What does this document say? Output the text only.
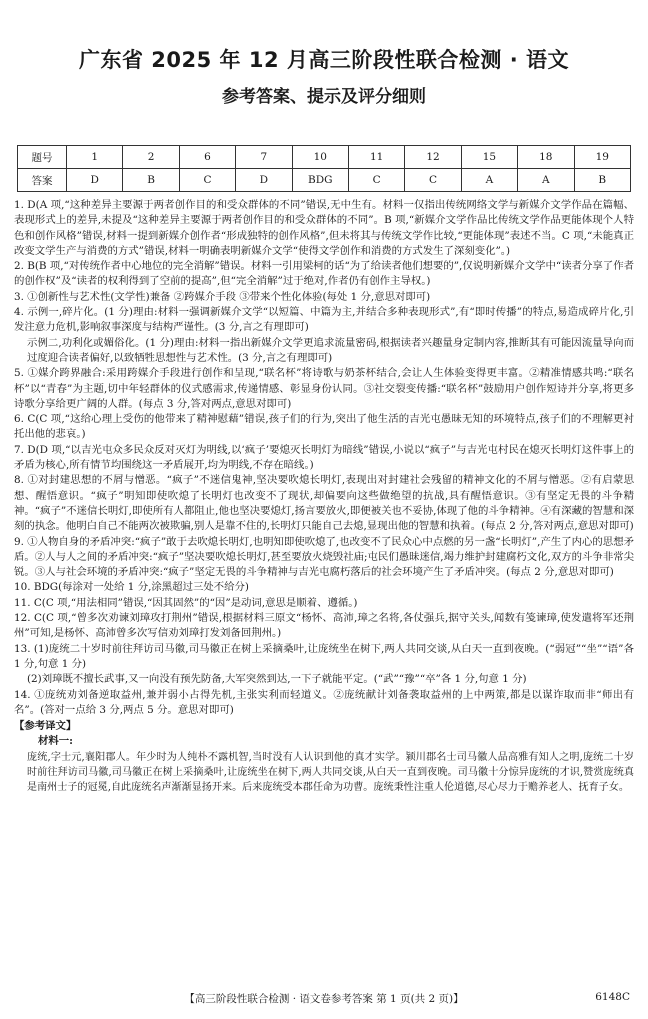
广东省 2025 年 12 月高三阶段性联合检测 · 语文
参考答案、提示及评分细则
题号	1	2	6	7	10	11	12	15	18	19
答案	D	B	C	D	BDG	C	C	A	A	B

1. D(A 项,“这种差异主要源于两者创作目的和受众群体的不同”错误,无中生有。材料一仅指出传统网络文学与新媒介文学作品在篇幅、表现形式上的差异,未提及“这种差异主要源于两者创作目的和受众群体的不同”。B 项,“新媒介文学作品比传统文学作品更能体现个人特色和创作风格”错误,材料一提到新媒介创作者“形成独特的创作风格”,但未将其与传统文学作比较,“更能体现”表述不当。C 项,“未能真正改变文学生产与消费的方式”错误,材料一明确表明新媒介文学“使得文学创作和消费的方式发生了深刻变化”。)

2. B(B 项,“对传统作者中心地位的完全消解”错误。材料一引用梁柯的话“为了给读者他们想要的”,仅说明新媒介文学中“读者分享了作者的创作权”及“读者的权利得到了空前的提高”,但“完全消解”过于绝对,作者仍有创作主导权。)

3. ①创新性与艺术性(文学性)兼备 ②跨媒介手段 ③带来个性化体验(每处 1 分,意思对即可)

4. 示例一,碎片化。(1 分)理由:材料一强调新媒介文学“以短篇、中篇为主,并结合多种表现形式”,有“即时传播”的特点,易造成碎片化,引发注意力危机,影响叙事深度与结构严谨性。(3 分,言之有理即可)

示例二,功利化或媚俗化。(1 分)理由:材料一指出新媒介文学更追求流量密码,根据读者兴趣量身定制内容,推断其有可能因流量导向而过度迎合读者偏好,以致牺牲思想性与艺术性。(3 分,言之有理即可)

5. ①媒介跨界融合:采用跨媒介手段进行创作和呈现,“联名杯”将诗歌与奶茶杯结合,会让人生体验变得更丰富。②精准情感共鸣:“联名杯”以“青春”为主题,切中年轻群体的仪式感需求,传递情感、彰显身份认同。③社交裂变传播:“联名杯”鼓励用户创作短诗并分享,将更多诗歌分享给更广阔的人群。(每点 3 分,答对两点,意思对即可)

6. C(C 项,“这给心理上受伤的他带来了精神慰藉”错误,孩子们的行为,突出了他生活的吉光屯愚昧无知的环境特点,孩子们的不理解更衬托出他的悲哀。)

7. D(D 项,“以吉光屯众多民众反对灭灯为明线,以‘疯子’要熄灭长明灯为暗线”错误,小说以“疯子”与吉光屯村民在熄灭长明灯这件事上的矛盾为核心,所有情节均围绕这一矛盾展开,均为明线,不存在暗线。)

8. ①对封建思想的不屑与憎恶。“疯子”不迷信鬼神,坚决要吹熄长明灯,表现出对封建社会残留的精神文化的不屑与憎恶。②有启蒙思想、醒悟意识。“疯子”明知即使吹熄了长明灯也改变不了现状,却偏要向这些做绝望的抗战,具有醒悟意识。③有坚定无畏的斗争精神。“疯子”不迷信长明灯,即使所有人都阻止,他也坚决要熄灯,扬言要放火,即便被关也不妥协,体现了他的斗争精神。④有深藏的智慧和深刻的执念。他明白自己不能两次被欺骗,别人是靠不住的,长明灯只能自己去熄,显现出他的智慧和执着。(每点 2 分,答对两点,意思对即可)

9. ①人物自身的矛盾冲突:“疯子”敢于去吹熄长明灯,也明知即使吹熄了,也改变不了民众心中点燃的另一盏“长明灯”,产生了内心的思想矛盾。②人与人之间的矛盾冲突:“疯子”坚决要吹熄长明灯,甚至要放火烧毁社庙;屯民们愚昧迷信,竭力维护封建腐朽文化,双方的斗争非常尖锐。③人与社会环境的矛盾冲突:“疯子”坚定无畏的斗争精神与吉光屯腐朽落后的社会环境产生了矛盾冲突。(每点 2 分,意思对即可)

10. BDG(每涂对一处给 1 分,涂黑超过三处不给分)

11. C(C 项,“用法相同”错误,“因其固然”的“因”是动词,意思是顺着、遵循。)

12. C(C 项,“曾多次劝谏刘璋攻打荆州”错误,根据材料三原文“杨怀、高沛,璋之名将,各仗强兵,据守关头,闻数有笺谏璋,使发遣将军还荆州”可知,是杨怀、高沛曾多次写信劝刘璋打发刘备回荆州。)

13. (1)庞统二十岁时前往拜访司马徽,司马徽正在树上采摘桑叶,让庞统坐在树下,两人共同交谈,从白天一直到夜晚。(“弱冠”“坐”“语”各 1 分,句意 1 分)

(2)刘璋既不擅长武事,又一向没有预先防备,大军突然到达,一下子就能平定。(“武”“豫”“卒”各 1 分,句意 1 分)

14. ①庞统劝刘备逆取益州,兼并弱小占得先机,主张实利而轻道义。②庞统献计刘备袭取益州的上中两策,都是以谋诈取而非“师出有名”。(答对一点给 3 分,两点 5 分。意思对即可)

【参考译文】

材料一:

庞统,字士元,襄阳郡人。年少时为人纯朴不露机智,当时没有人认识到他的真才实学。颍川郡名士司马徽人品高雅有知人之明,庞统二十岁时前往拜访司马徽,司马徽正在树上采摘桑叶,让庞统坐在树下,两人共同交谈,从白天一直到夜晚。司马徽十分惊异庞统的才识,赞赏庞统真是南州士子的冠冕,自此庞统名声渐渐显扬开来。后来庞统受本郡任命为功曹。庞统秉性注重人伦道德,尽心尽力于赡养老人、抚育子女。

【高三阶段性联合检测 · 语文卷参考答案 第 1 页(共 2 页)】	6148C
